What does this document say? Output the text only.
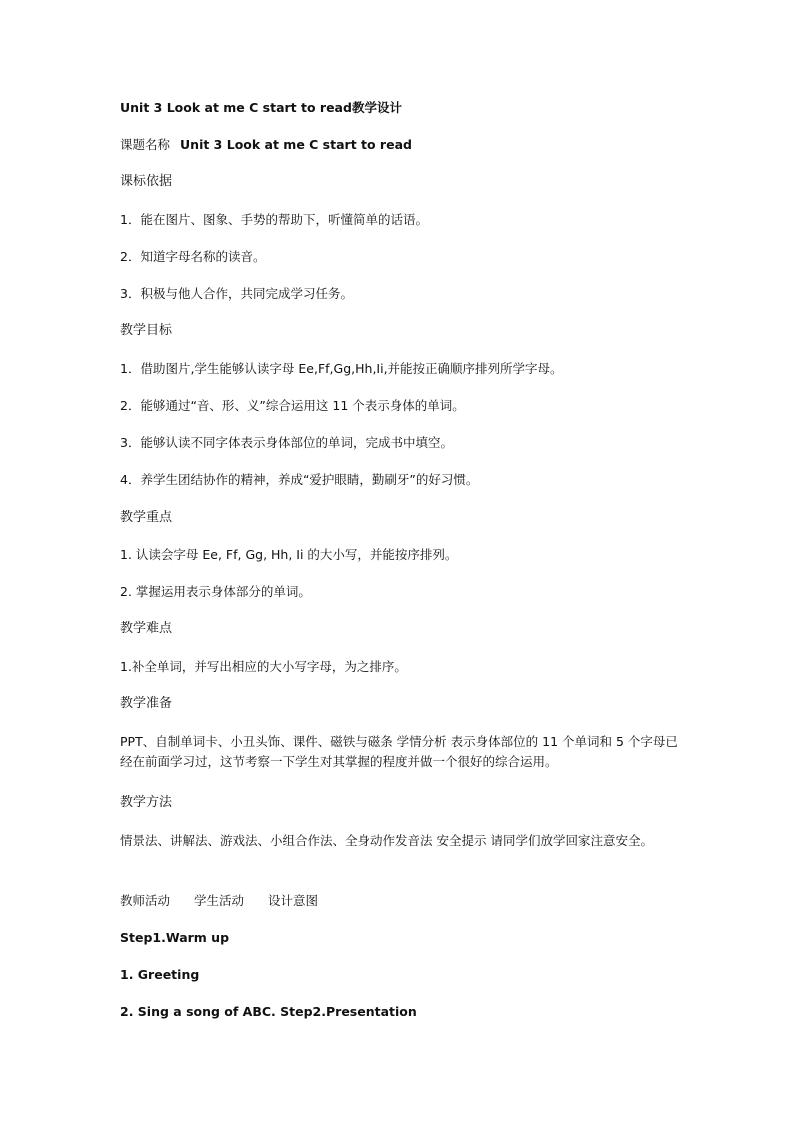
Unit 3 Look at me C start to read教学设计
课题名称 Unit 3 Look at me C start to read
课标依据
1．能在图片、图象、手势的帮助下，听懂简单的话语。
2．知道字母名称的读音。
3．积极与他人合作，共同完成学习任务。
教学目标
1．借助图片,学生能够认读字母 Ee,Ff,Gg,Hh,Ii,并能按正确顺序排列所学字母。
2．能够通过“音、形、义”综合运用这 11 个表示身体的单词。
3．能够认读不同字体表示身体部位的单词，完成书中填空。
4．养学生团结协作的精神，养成“爱护眼睛，勤刷牙”的好习惯。
教学重点
1. 认读会字母 Ee, Ff, Gg, Hh, Ii 的大小写，并能按序排列。
2. 掌握运用表示身体部分的单词。
教学难点
1.补全单词，并写出相应的大小写字母，为之排序。
教学准备
PPT、自制单词卡、小丑头饰、课件、磁铁与磁条 学情分析 表示身体部位的 11 个单词和 5 个字母已经在前面学习过，这节考察一下学生对其掌握的程度并做一个很好的综合运用。
教学方法
情景法、讲解法、游戏法、小组合作法、全身动作发音法 安全提示 请同学们放学回家注意安全。
教师活动 学生活动 设计意图
Step1.Warm up
1. Greeting
2. Sing a song of ABC. Step2.Presentation
